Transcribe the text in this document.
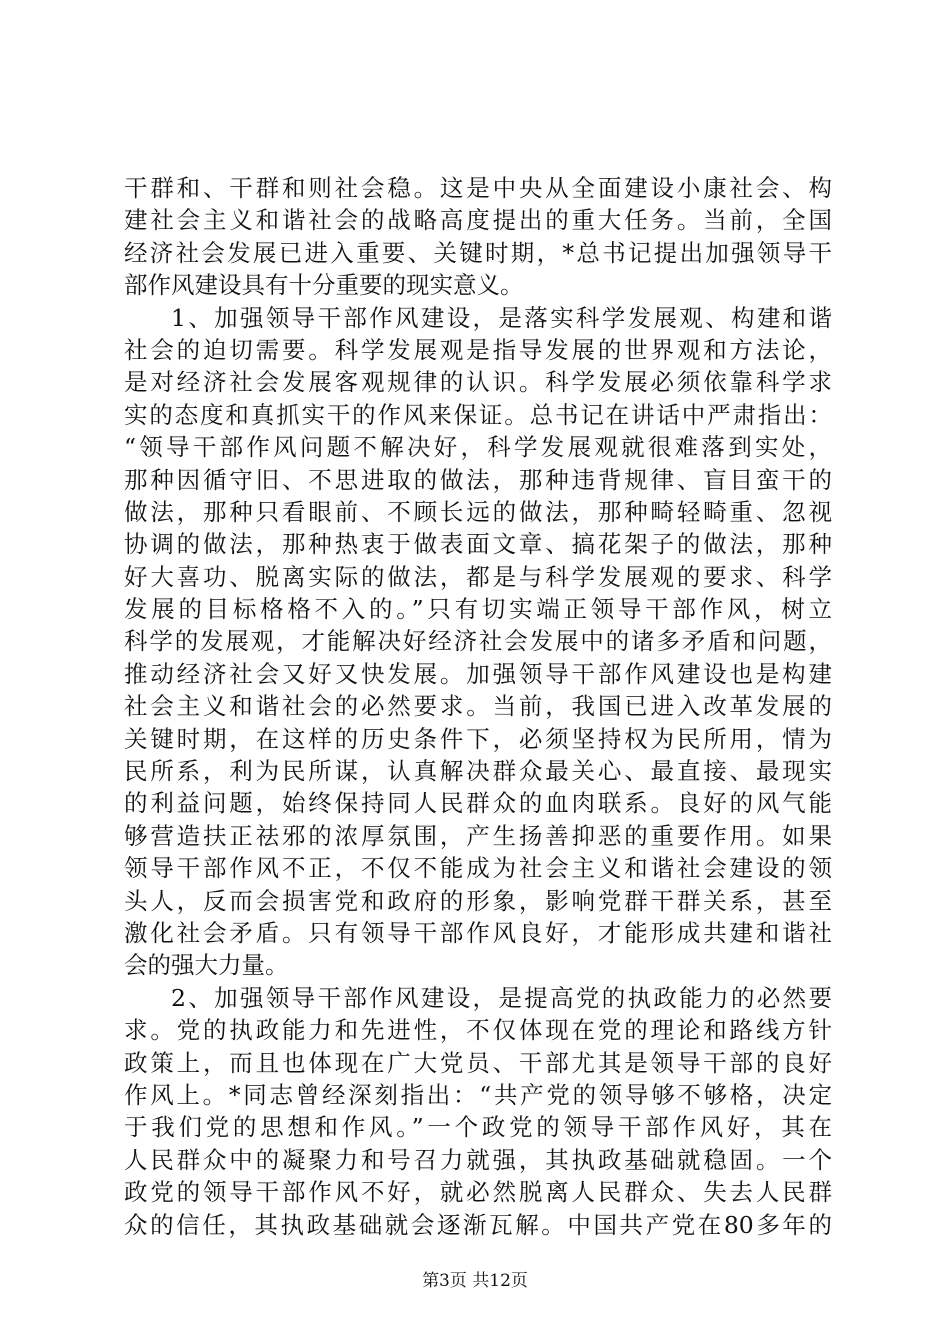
干群和、干群和则社会稳。这是中央从全面建设小康社会、构
建社会主义和谐社会的战略高度提出的重大任务。当前，全国
经济社会发展已进入重要、关键时期，*总书记提出加强领导干
部作风建设具有十分重要的现实意义。
1、加强领导干部作风建设，是落实科学发展观、构建和谐
社会的迫切需要。科学发展观是指导发展的世界观和方法论，
是对经济社会发展客观规律的认识。科学发展必须依靠科学求
实的态度和真抓实干的作风来保证。总书记在讲话中严肃指出：
“领导干部作风问题不解决好，科学发展观就很难落到实处，
那种因循守旧、不思进取的做法，那种违背规律、盲目蛮干的
做法，那种只看眼前、不顾长远的做法，那种畸轻畸重、忽视
协调的做法，那种热衷于做表面文章、搞花架子的做法，那种
好大喜功、脱离实际的做法，都是与科学发展观的要求、科学
发展的目标格格不入的。”只有切实端正领导干部作风，树立
科学的发展观，才能解决好经济社会发展中的诸多矛盾和问题，
推动经济社会又好又快发展。加强领导干部作风建设也是构建
社会主义和谐社会的必然要求。当前，我国已进入改革发展的
关键时期，在这样的历史条件下，必须坚持权为民所用，情为
民所系，利为民所谋，认真解决群众最关心、最直接、最现实
的利益问题，始终保持同人民群众的血肉联系。良好的风气能
够营造扶正祛邪的浓厚氛围，产生扬善抑恶的重要作用。如果
领导干部作风不正，不仅不能成为社会主义和谐社会建设的领
头人，反而会损害党和政府的形象，影响党群干群关系，甚至
激化社会矛盾。只有领导干部作风良好，才能形成共建和谐社
会的强大力量。
2、加强领导干部作风建设，是提高党的执政能力的必然要
求。党的执政能力和先进性，不仅体现在党的理论和路线方针
政策上，而且也体现在广大党员、干部尤其是领导干部的良好
作风上。*同志曾经深刻指出：“共产党的领导够不够格，决定
于我们党的思想和作风。”一个政党的领导干部作风好，其在
人民群众中的凝聚力和号召力就强，其执政基础就稳固。一个
政党的领导干部作风不好，就必然脱离人民群众、失去人民群
众的信任，其执政基础就会逐渐瓦解。中国共产党在80多年的
第3页 共12页
